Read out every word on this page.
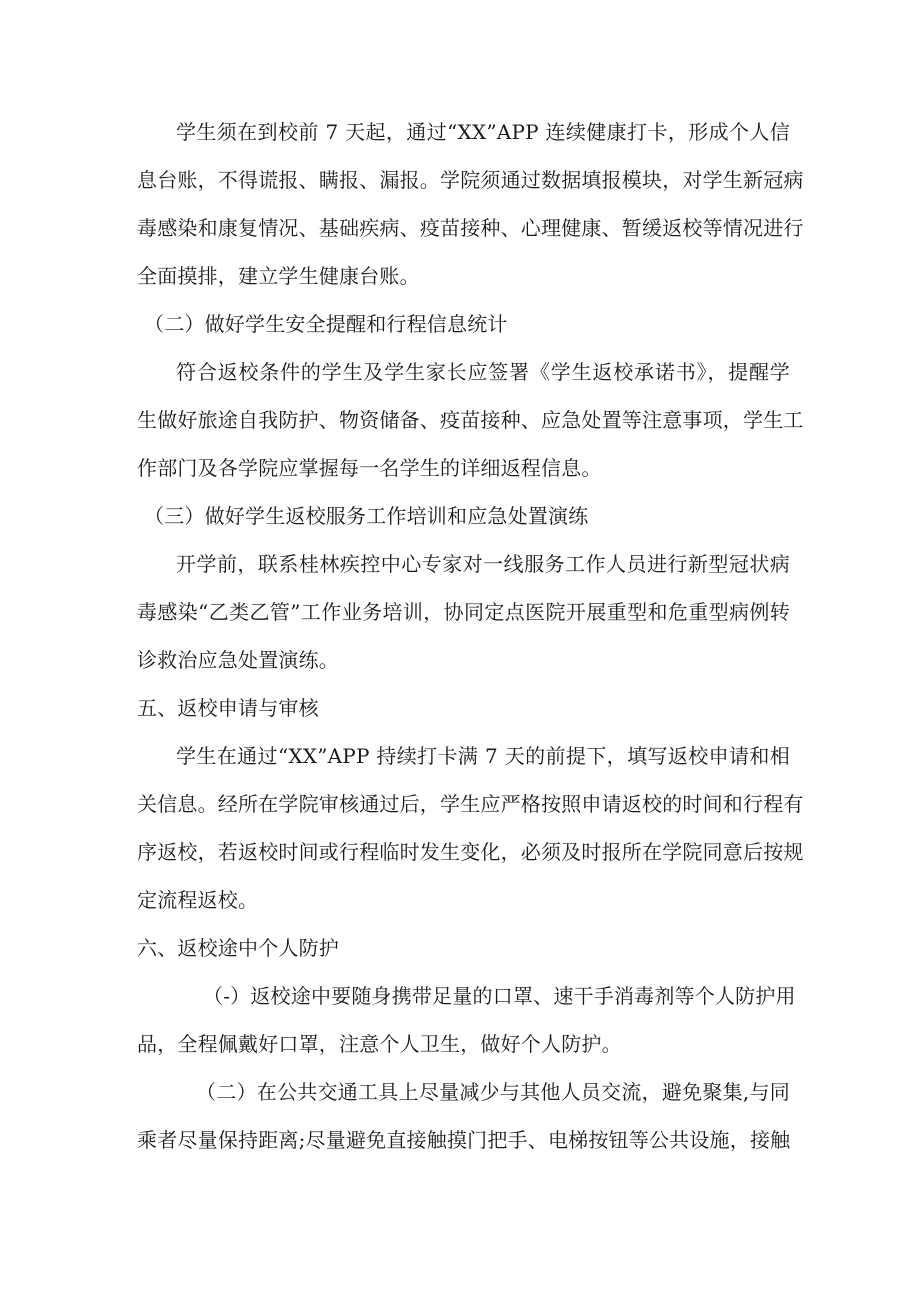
学生须在到校前 7 天起，通过“XX”APP 连续健康打卡，形成个人信
息台账，不得谎报、瞒报、漏报。学院须通过数据填报模块，对学生新冠病
毒感染和康复情况、基础疾病、疫苗接种、心理健康、暂缓返校等情况进行
全面摸排，建立学生健康台账。
（二）做好学生安全提醒和行程信息统计
符合返校条件的学生及学生家长应签署《学生返校承诺书》，提醒学
生做好旅途自我防护、物资储备、疫苗接种、应急处置等注意事项，学生工
作部门及各学院应掌握每一名学生的详细返程信息。
（三）做好学生返校服务工作培训和应急处置演练
开学前，联系桂林疾控中心专家对一线服务工作人员进行新型冠状病
毒感染“乙类乙管”工作业务培训，协同定点医院开展重型和危重型病例转
诊救治应急处置演练。
五、返校申请与审核
学生在通过“XX”APP 持续打卡满 7 天的前提下，填写返校申请和相
关信息。经所在学院审核通过后，学生应严格按照申请返校的时间和行程有
序返校，若返校时间或行程临时发生变化，必须及时报所在学院同意后按规
定流程返校。
六、返校途中个人防护
（-）返校途中要随身携带足量的口罩、速干手消毒剂等个人防护用
品，全程佩戴好口罩，注意个人卫生，做好个人防护。
（二）在公共交通工具上尽量减少与其他人员交流，避免聚集,与同
乘者尽量保持距离;尽量避免直接触摸门把手、电梯按钮等公共设施，接触
